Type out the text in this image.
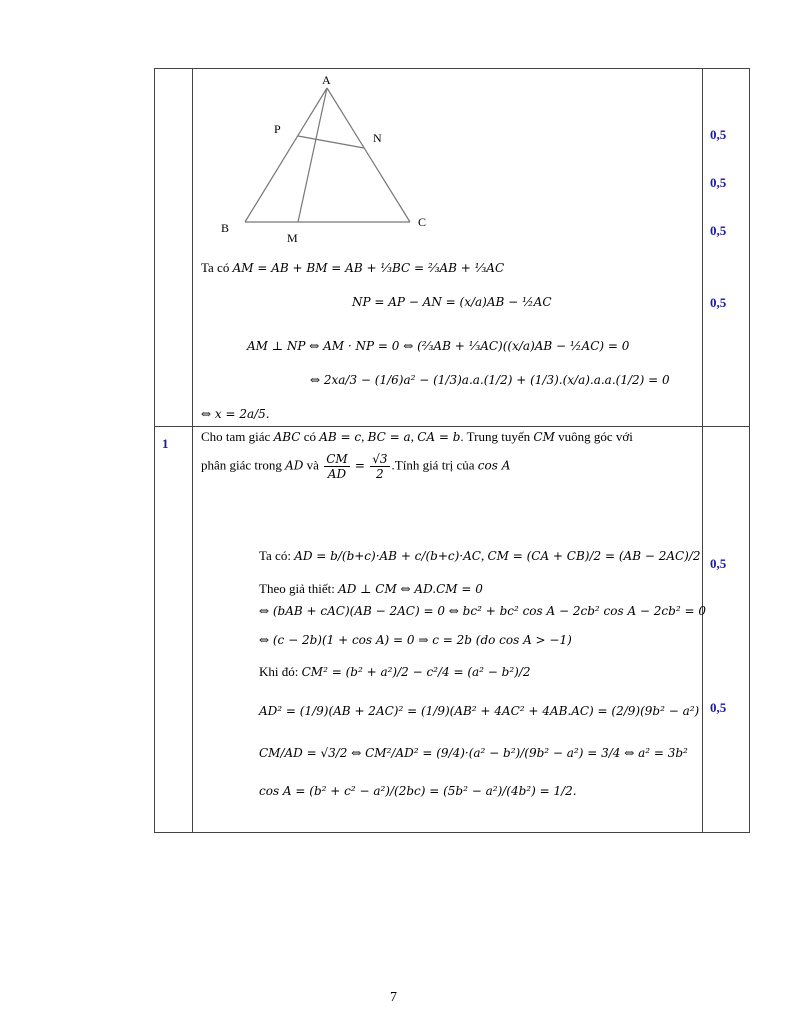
A
P
N
B
M
C
0,5
0,5
0,5
0,5
0,5
0,5
Ta có AM = AB + BM = AB + ⅓BC = ⅔AB + ⅓AC
NP = AP − AN = (x/a)AB − ½AC
AM ⊥ NP ⇔ AM · NP = 0 ⇔ (⅔AB + ⅓AC)((x/a)AB − ½AC) = 0
⇔ 2xa/3 − (1/6)a² − (1/3)a.a.(1/2) + (1/3).(x/a).a.a.(1/2) = 0
⇔ x = 2a/5.
1	Cho tam giác ABC có AB = c, BC = a, CA = b. Trung tuyến CM vuông góc với
phân giác trong AD và $\frac{CM}{AD} = \frac{√3}{2}$ .Tính giá trị của cos A
Ta có: AD = b/(b+c)·AB + c/(b+c)·AC, CM = (CA + CB)/2 = (AB − 2AC)/2
Theo giả thiết: AD ⊥ CM ⇔ AD.CM = 0
⇔ (bAB + cAC)(AB − 2AC) = 0 ⇔ bc² + bc² cos A − 2cb² cos A − 2cb² = 0
⇔ (c − 2b)(1 + cos A) = 0 ⇒ c = 2b (do cos A > −1)
Khi đó: CM² = (b² + a²)/2 − c²/4 = (a² − b²)/2
AD² = (1/9)(AB + 2AC)² = (1/9)(AB² + 4AC² + 4AB.AC) = (2/9)(9b² − a²)
CM/AD = √3/2 ⇔ CM²/AD² = (9/4)·(a² − b²)/(9b² − a²) = 3/4 ⇔ a² = 3b²
cos A = (b² + c² − a²)/(2bc) = (5b² − a²)/(4b²) = 1/2.
7
